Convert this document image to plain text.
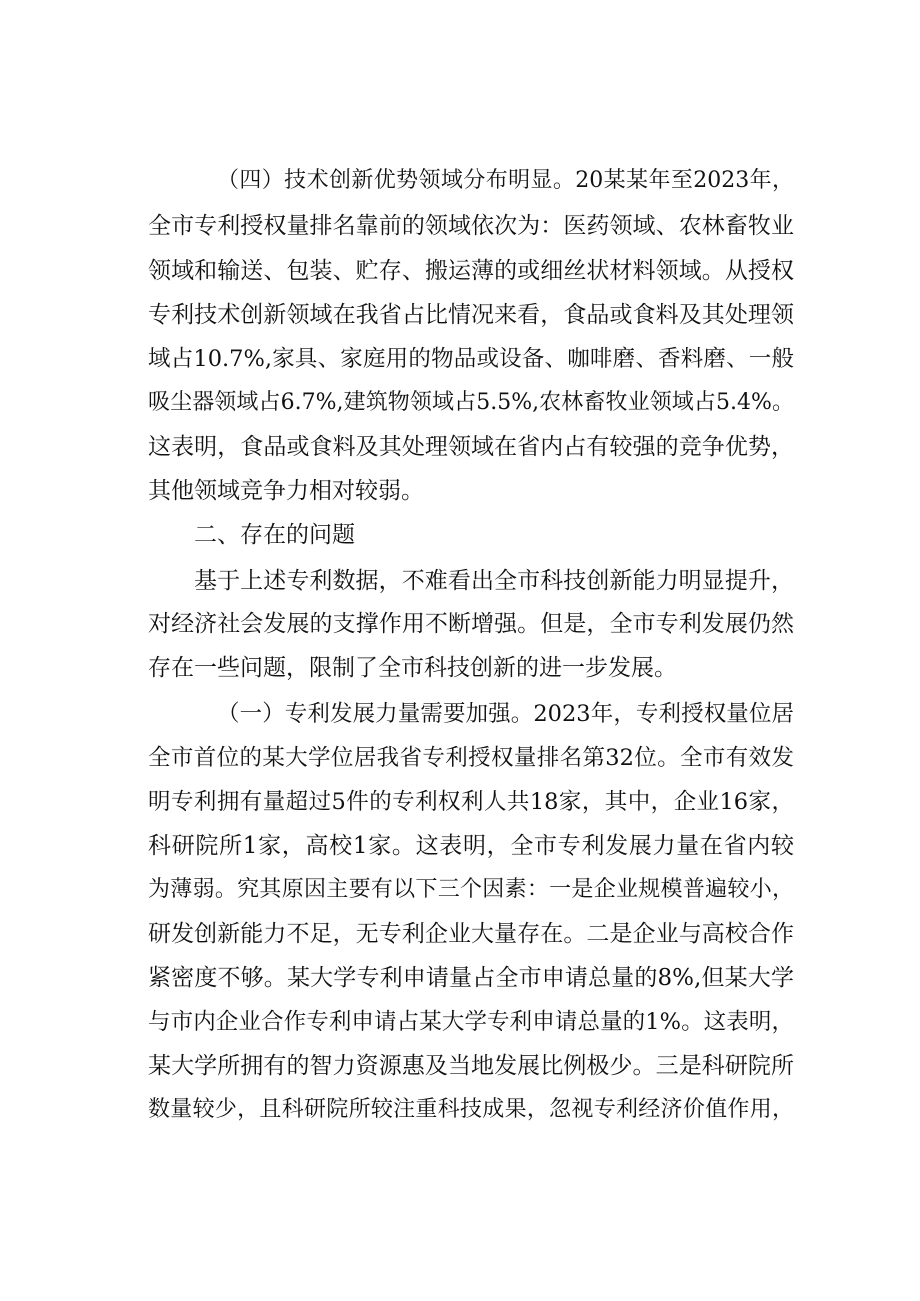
（四）技术创新优势领域分布明显。20某某年至2023年，
全市专利授权量排名靠前的领域依次为：医药领域、农林畜牧业
领域和输送、包装、贮存、搬运薄的或细丝状材料领域。从授权
专利技术创新领域在我省占比情况来看，食品或食料及其处理领
域占10.7%,家具、家庭用的物品或设备、咖啡磨、香料磨、一般
吸尘器领域占6.7%,建筑物领域占5.5%,农林畜牧业领域占5.4%。
这表明，食品或食料及其处理领域在省内占有较强的竞争优势，
其他领域竞争力相对较弱。
二、存在的问题
基于上述专利数据，不难看出全市科技创新能力明显提升，
对经济社会发展的支撑作用不断增强。但是，全市专利发展仍然
存在一些问题，限制了全市科技创新的进一步发展。
（一）专利发展力量需要加强。2023年，专利授权量位居
全市首位的某大学位居我省专利授权量排名第32位。全市有效发
明专利拥有量超过5件的专利权利人共18家，其中，企业16家，
科研院所1家，高校1家。这表明，全市专利发展力量在省内较
为薄弱。究其原因主要有以下三个因素：一是企业规模普遍较小，
研发创新能力不足，无专利企业大量存在。二是企业与高校合作
紧密度不够。某大学专利申请量占全市申请总量的8%,但某大学
与市内企业合作专利申请占某大学专利申请总量的1%。这表明，
某大学所拥有的智力资源惠及当地发展比例极少。三是科研院所
数量较少，且科研院所较注重科技成果，忽视专利经济价值作用，
